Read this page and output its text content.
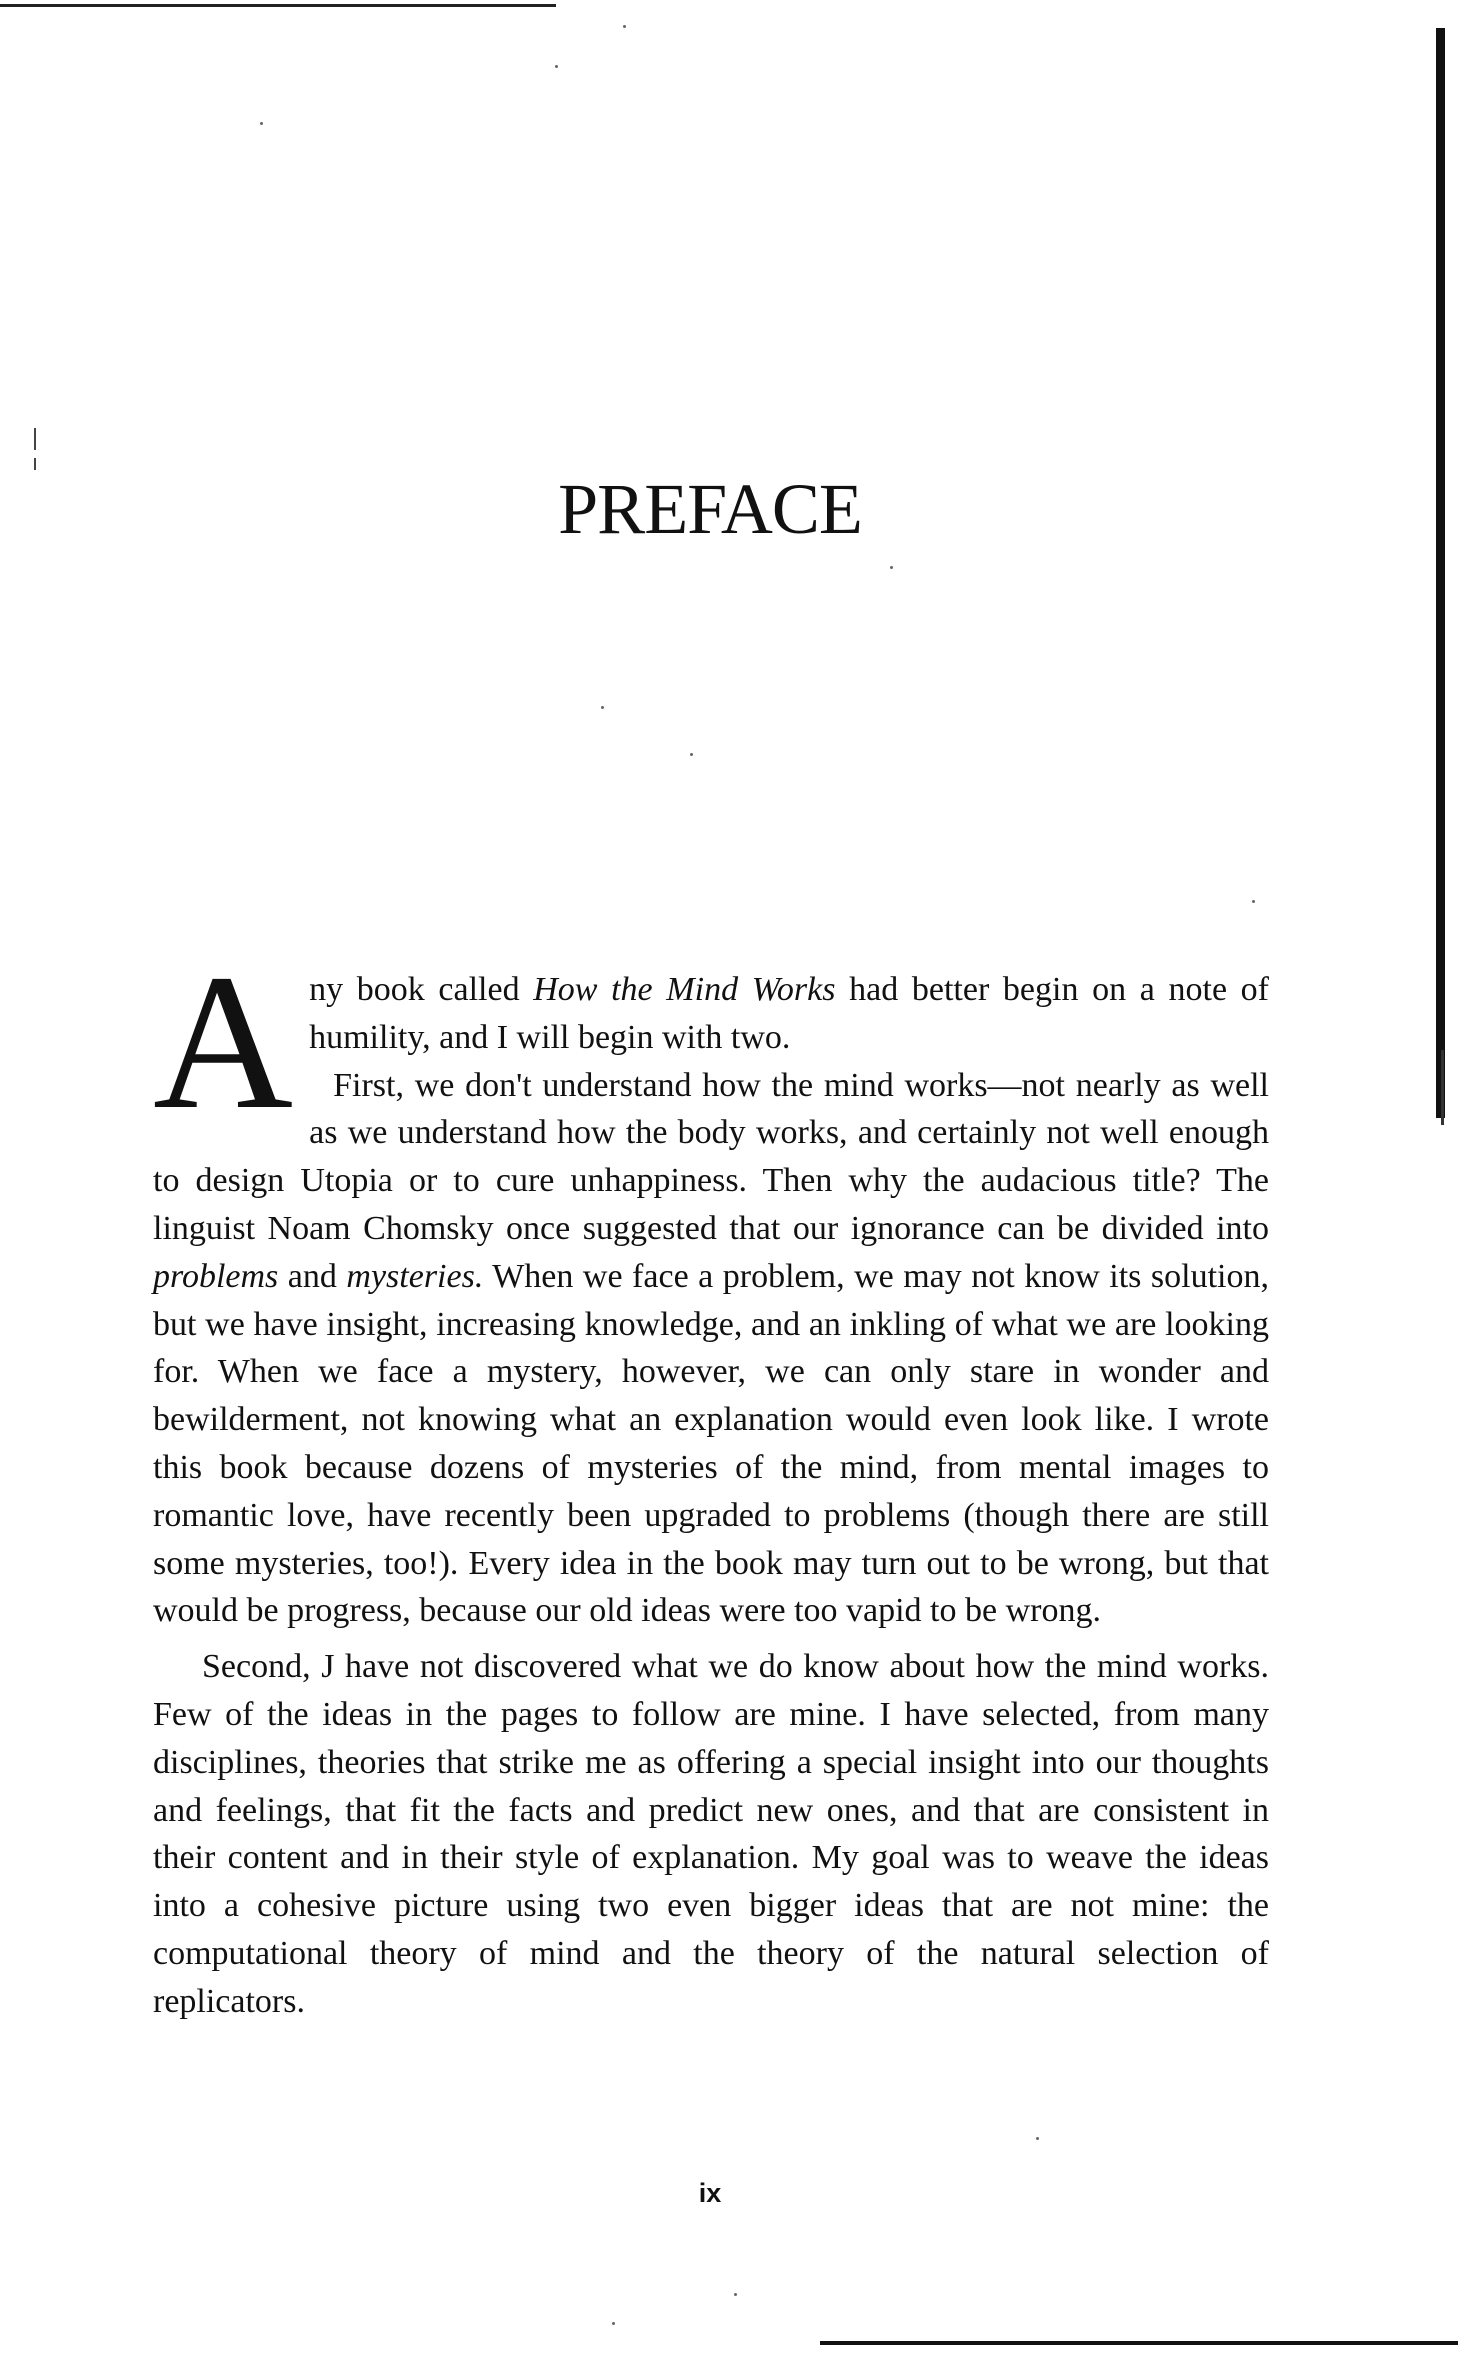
PREFACE

Any book called How the Mind Works had better begin on a note of humility, and I will begin with two.
First, we don't understand how the mind works—not nearly as well as we understand how the body works, and certainly not well enough to design Utopia or to cure unhappiness. Then why the audacious title? The linguist Noam Chomsky once suggested that our ignorance can be divided into problems and mysteries. When we face a problem, we may not know its solution, but we have insight, increasing knowledge, and an inkling of what we are looking for. When we face a mystery, however, we can only stare in wonder and bewilderment, not knowing what an explanation would even look like. I wrote this book because dozens of mysteries of the mind, from mental images to romantic love, have recently been upgraded to problems (though there are still some mysteries, too!). Every idea in the book may turn out to be wrong, but that would be progress, because our old ideas were too vapid to be wrong.

Second, J have not discovered what we do know about how the mind works. Few of the ideas in the pages to follow are mine. I have selected, from many disciplines, theories that strike me as offering a special insight into our thoughts and feelings, that fit the facts and predict new ones, and that are consistent in their content and in their style of explanation. My goal was to weave the ideas into a cohesive picture using two even bigger ideas that are not mine: the computational theory of mind and the theory of the natural selection of replicators.

ix
